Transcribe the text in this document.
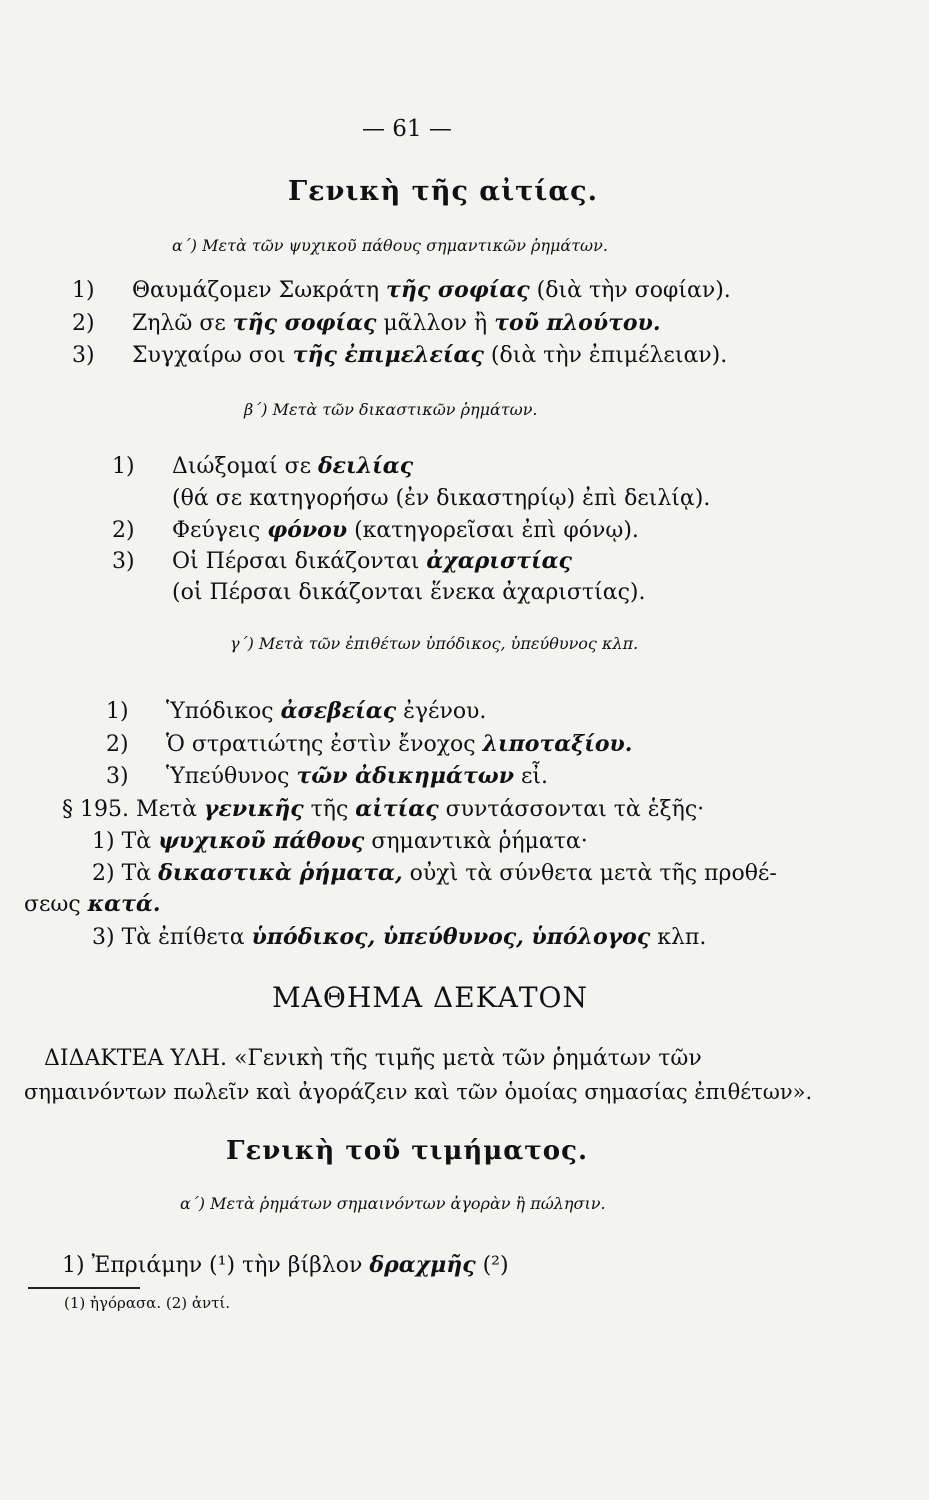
— 61 —
Γενικὴ τῆς αἰτίας.
α΄) Μετὰ τῶν ψυχικοῦ πάθους σημαντικῶν ῥημάτων.
1) Θαυμάζομεν Σωκράτη τῆς σοφίας (διὰ τὴν σοφίαν).
2) Ζηλῶ σε τῆς σοφίας μᾶλλον ἢ τοῦ πλούτου.
3) Συγχαίρω σοι τῆς ἐπιμελείας (διὰ τὴν ἐπιμέλειαν).
β΄) Μετὰ τῶν δικαστικῶν ῥημάτων.
1) Διώξομαί σε δειλίας
(θά σε κατηγορήσω (ἐν δικαστηρίῳ) ἐπὶ δειλίᾳ).
2) Φεύγεις φόνου (κατηγορεῖσαι ἐπὶ φόνῳ).
3) Οἱ Πέρσαι δικάζονται ἀχαριστίας
(οἱ Πέρσαι δικάζονται ἕνεκα ἀχαριστίας).
γ΄) Μετὰ τῶν ἐπιθέτων ὑπόδικος, ὑπεύθυνος κλπ.
1) Ὑπόδικος ἀσεβείας ἐγένου.
2) Ὁ στρατιώτης ἐστὶν ἔνοχος λιποταξίου.
3) Ὑπεύθυνος τῶν ἀδικημάτων εἶ.
§ 195. Μετὰ γενικῆς τῆς αἰτίας συντάσσονται τὰ ἑξῆς·
1) Τὰ ψυχικοῦ πάθους σημαντικὰ ῥήματα·
2) Τὰ δικαστικὰ ῥήματα, οὐχὶ τὰ σύνθετα μετὰ τῆς προθέ-
σεως κατά.
3) Τὰ ἐπίθετα ὑπόδικος, ὑπεύθυνος, ὑπόλογος κλπ.
ΜΑΘΗΜΑ ΔΕΚΑΤΟΝ
ΔΙΔΑΚΤΕΑ ΥΛΗ. «Γενικὴ τῆς τιμῆς μετὰ τῶν ῥημάτων τῶν
σημαινόντων πωλεῖν καὶ ἀγοράζειν καὶ τῶν ὁμοίας σημασίας ἐπιθέτων».
Γενικὴ τοῦ τιμήματος.
α΄) Μετὰ ῥημάτων σημαινόντων ἀγορὰν ἢ πώλησιν.
1) Ἐπριάμην (¹) τὴν βίβλον δραχμῆς (²)
(1) ἠγόρασα. (2) ἀντί.
